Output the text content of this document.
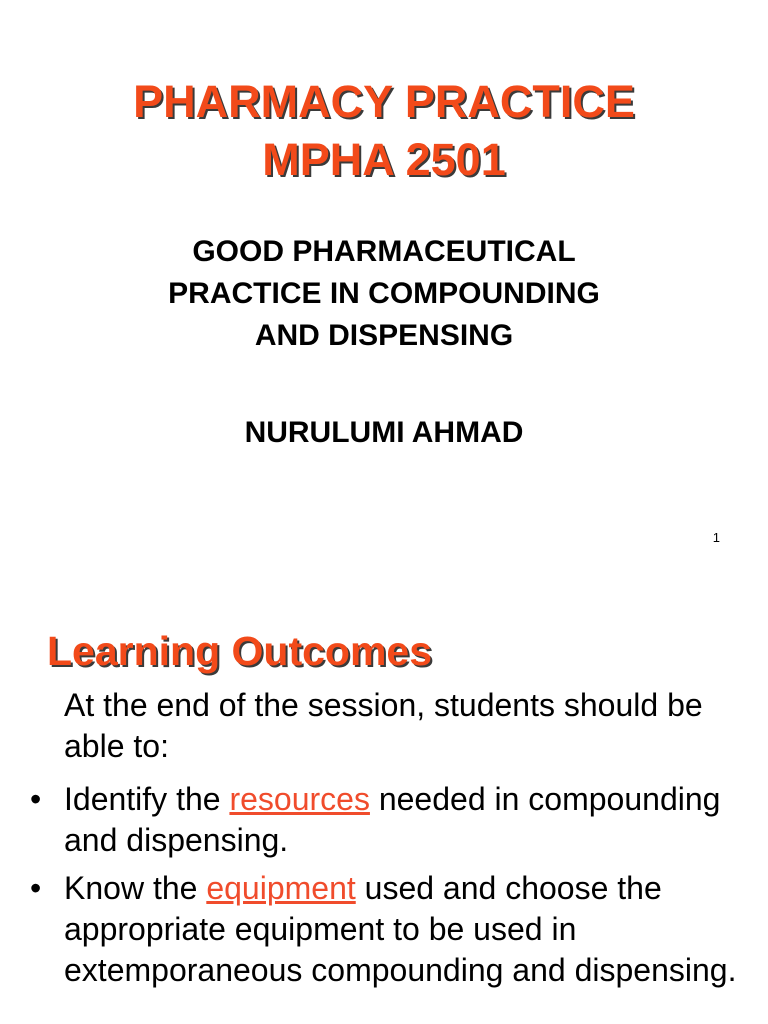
PHARMACY PRACTICE
MPHA 2501
GOOD PHARMACEUTICAL
PRACTICE IN COMPOUNDING
AND DISPENSING
NURULUMI AHMAD
1
Learning Outcomes
At the end of the session, students should be able to:
• Identify the resources needed in compounding and dispensing.
• Know the equipment used and choose the appropriate equipment to be used in extemporaneous compounding and dispensing.
